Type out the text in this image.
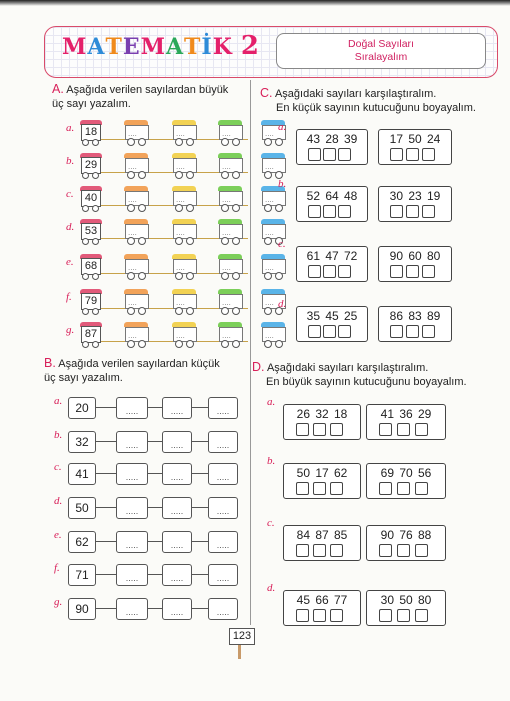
MATEMATİK 2	Doğal Sayıları
Sıralayalım
A. Aşağıda verilen sayılardan büyük
üç sayı yazalım.
a. 18	....	....	....	....
b. 29	....	....	....	....
c.	40	....	....	....	....
d. 53	....	....	....	....
e.	68	....	....	....	....
f.	79	....	....	....	....
g. 87	....	....	....	....
B. Aşağıda verilen sayılardan küçük
üç sayı yazalım.
a.	20	.....	.....	.....
b.	32	.....	.....	.....
c.	41	.....	.....	.....
d.	50	.....	.....	.....
e.	62	.....	.....	.....
f.	71	.....	.....	.....
g.	90	.....	.....	.....
C. Aşağıdaki sayıları karşılaştıralım.
En küçük sayının kutucuğunu boyayalım.
a.
43 28 39	17 50 24
b.
52 64 48	30 23 19
c.
61 47 72	90 60 80
d.
35 45 25	86 83 89
D. Aşağıdaki sayıları karşılaştıralım.
En büyük sayının kutucuğunu boyayalım.
a.
26 32 18	41 36 29
b.
50 17 62	69 70 56
c.
84 87 85	90 76 88
d.
45 66 77	30 50 80
123
